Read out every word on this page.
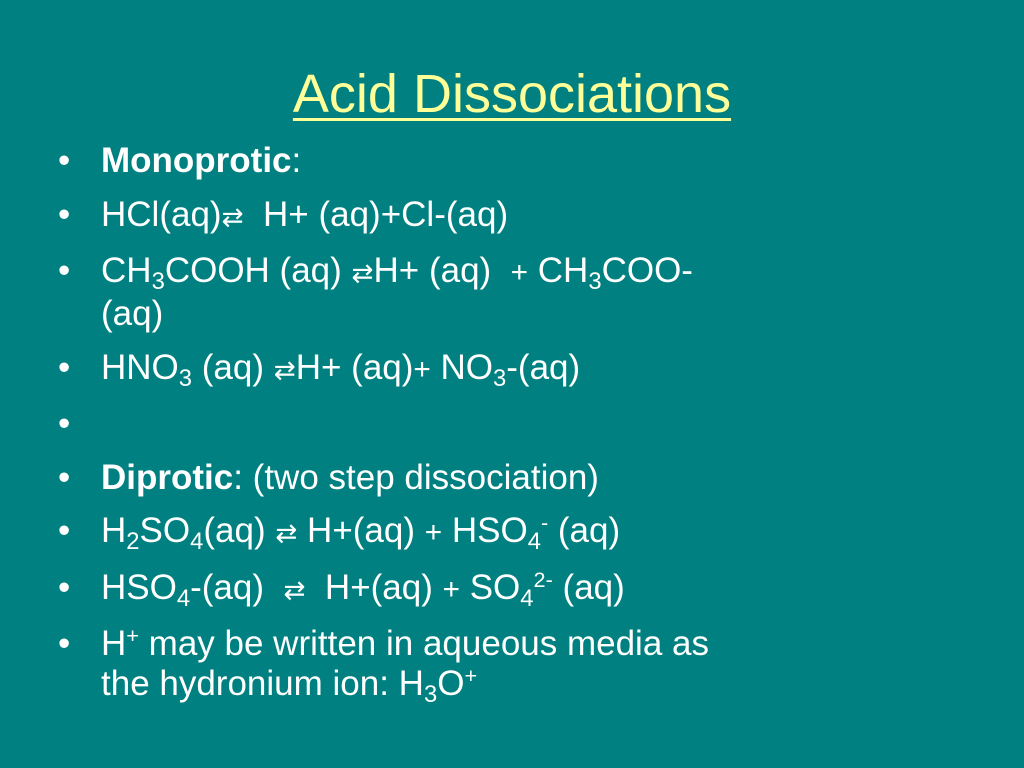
Acid Dissociations
• Monoprotic:
• HCl(aq)⇄  H+ (aq)+Cl-(aq)
• $CH_3COOH$ (aq) ⇄H+ $(aq) + CH_3COO-$
(aq)
• $HNO_3$ (aq) ⇄H+ $(aq)+ NO_3-(aq)$
•
• Diprotic: (two step dissociation)
• $H_2SO_4(aq)$ ⇄ $H+(aq) + HSO_4^-$ (aq)
• $HSO_4-(aq)$  ⇄  $H+(aq) + SO_4^{2-}$ (aq)
• H+ may be written in aqueous media as
the hydronium ion: $H_3O^+$
